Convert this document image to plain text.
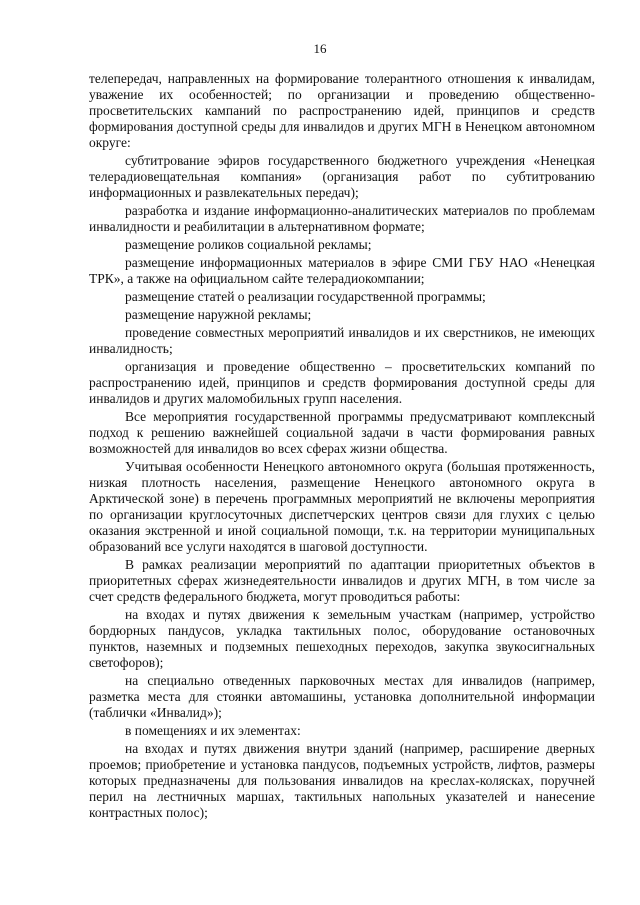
16

телепередач, направленных на формирование толерантного отношения к инвалидам, уважение их особенностей; по организации и проведению общественно-просветительских кампаний по распространению идей, принципов и средств формирования доступной среды для инвалидов и других МГН в Ненецком автономном округе:

субтитрование эфиров государственного бюджетного учреждения «Ненецкая телерадиовещательная компания» (организация работ по субтитрованию информационных и развлекательных передач);

разработка и издание информационно-аналитических материалов по проблемам инвалидности и реабилитации в альтернативном формате;

размещение роликов социальной рекламы;

размещение информационных материалов в эфире СМИ ГБУ НАО «Ненецкая ТРК», а также на официальном сайте телерадиокомпании;

размещение статей о реализации государственной программы;

размещение наружной рекламы;

проведение совместных мероприятий инвалидов и их сверстников, не имеющих инвалидность;

организация и проведение общественно – просветительских компаний по распространению идей, принципов и средств формирования доступной среды для инвалидов и других маломобильных групп населения.

Все мероприятия государственной программы предусматривают комплексный подход к решению важнейшей социальной задачи в части формирования равных возможностей для инвалидов во всех сферах жизни общества.

Учитывая особенности Ненецкого автономного округа (большая протяженность, низкая плотность населения, размещение Ненецкого автономного округа в Арктической зоне) в перечень программных мероприятий не включены мероприятия по организации круглосуточных диспетчерских центров связи для глухих с целью оказания экстренной и иной социальной помощи, т.к. на территории муниципальных образований все услуги находятся в шаговой доступности.

В рамках реализации мероприятий по адаптации приоритетных объектов в приоритетных сферах жизнедеятельности инвалидов и других МГН, в том числе за счет средств федерального бюджета, могут проводиться работы:

на входах и путях движения к земельным участкам (например, устройство бордюрных пандусов, укладка тактильных полос, оборудование остановочных пунктов, наземных и подземных пешеходных переходов, закупка звукосигнальных светофоров);

на специально отведенных парковочных местах для инвалидов (например, разметка места для стоянки автомашины, установка дополнительной информации (таблички «Инвалид»);

в помещениях и их элементах:

на входах и путях движения внутри зданий (например, расширение дверных проемов; приобретение и установка пандусов, подъемных устройств, лифтов, размеры которых предназначены для пользования инвалидов на креслах-колясках, поручней перил на лестничных маршах, тактильных напольных указателей и нанесение контрастных полос);
